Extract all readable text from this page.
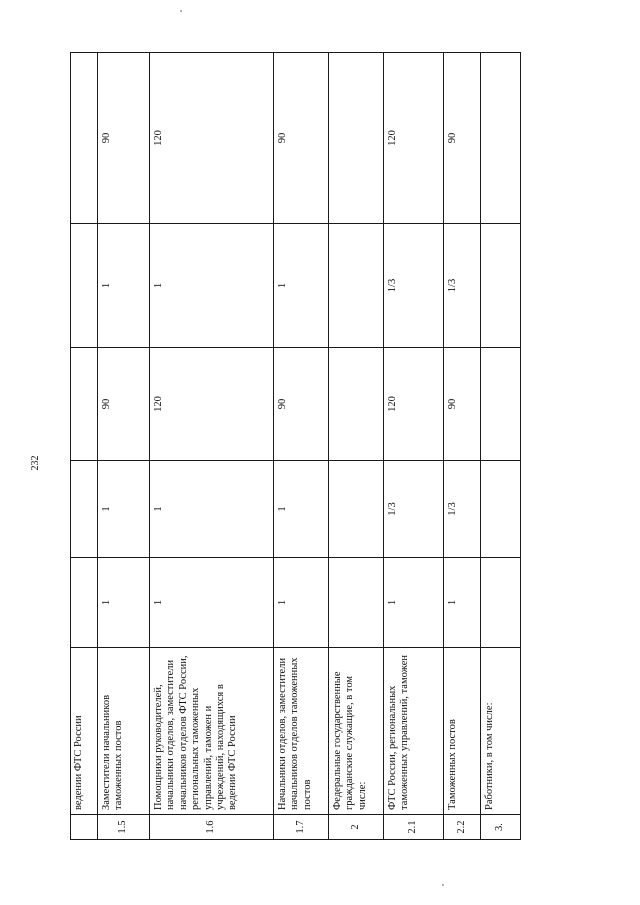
232
	ведении ФТС России					
1.5	Заместители начальников таможенных постов	1	1	90	1	90
1.6	Помощники руководителей, начальники отделов, заместители начальников отделов ФТС России, региональных таможенных управлений, таможен и учреждений, находящихся в ведении ФТС России	1	1	120	1	120
1.7	Начальники отделов, заместители начальников отделов таможенных постов	1	1	90	1	90
2	Федеральные государственные гражданские служащие, в том числе:					
2.1	ФТС России, региональных таможенных управлений, таможен	1	1/3	120	1/3	120
2.2	Таможенных постов	1	1/3	90	1/3	90
3.	Работники, в том числе:					
